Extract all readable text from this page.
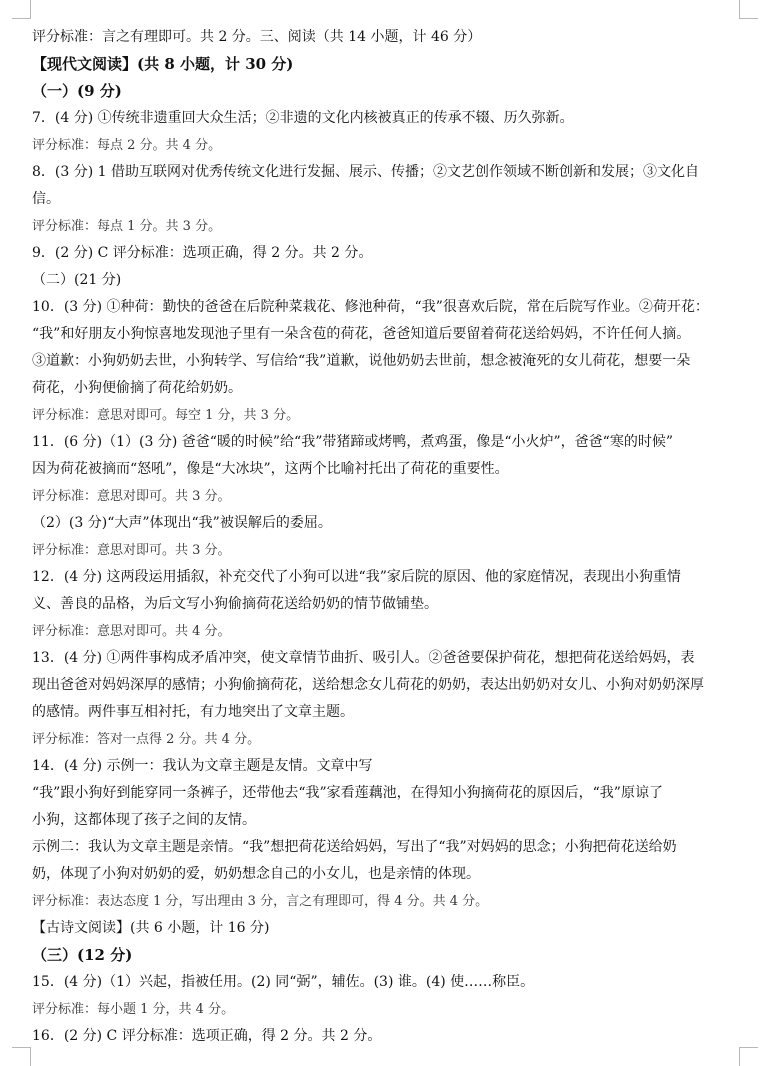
评分标准：言之有理即可。共 2 分。三、阅读（共 14 小题，计 46 分）
【现代文阅读】(共 8 小题，计 30 分)
（一）(9 分)
7．(4 分) ①传统非遗重回大众生活；②非遗的文化内核被真正的传承不辍、历久弥新。
评分标准：每点 2 分。共 4 分。
8．(3 分) 1 借助互联网对优秀传统文化进行发掘、展示、传播；②文艺创作领域不断创新和发展；③文化自
信。
评分标准：每点 1 分。共 3 分。
9．(2 分) C 评分标准：选项正确，得 2 分。共 2 分。
（二）(21 分)
10．(3 分) ①种荷：勤快的爸爸在后院种菜栽花、修池种荷，“我”很喜欢后院，常在后院写作业。②荷开花：
“我”和好朋友小狗惊喜地发现池子里有一朵含苞的荷花，爸爸知道后要留着荷花送给妈妈，不许任何人摘。
③道歉：小狗奶奶去世，小狗转学、写信给“我”道歉，说他奶奶去世前，想念被淹死的女儿荷花，想要一朵
荷花，小狗便偷摘了荷花给奶奶。
评分标准：意思对即可。每空 1 分，共 3 分。
11．(6 分)（1）(3 分) 爸爸“暖的时候”给“我”带猪蹄或烤鸭，煮鸡蛋，像是“小火炉”，爸爸“寒的时候”
因为荷花被摘而“怒吼”，像是“大冰块”，这两个比喻衬托出了荷花的重要性。
评分标准：意思对即可。共 3 分。
（2）(3 分)“大声”体现出“我”被误解后的委屈。
评分标准：意思对即可。共 3 分。
12．(4 分) 这两段运用插叙，补充交代了小狗可以进“我”家后院的原因、他的家庭情况，表现出小狗重情
义、善良的品格，为后文写小狗偷摘荷花送给奶奶的情节做铺垫。
评分标准：意思对即可。共 4 分。
13．(4 分) ①两件事构成矛盾冲突，使文章情节曲折、吸引人。②爸爸要保护荷花，想把荷花送给妈妈，表
现出爸爸对妈妈深厚的感情；小狗偷摘荷花，送给想念女儿荷花的奶奶，表达出奶奶对女儿、小狗对奶奶深厚
的感情。两件事互相衬托，有力地突出了文章主题。
评分标准：答对一点得 2 分。共 4 分。
14．(4 分) 示例一：我认为文章主题是友情。文章中写
“我”跟小狗好到能穿同一条裤子，还带他去“我”家看莲藕池，在得知小狗摘荷花的原因后，“我”原谅了
小狗，这都体现了孩子之间的友情。
示例二：我认为文章主题是亲情。“我”想把荷花送给妈妈，写出了“我”对妈妈的思念；小狗把荷花送给奶
奶，体现了小狗对奶奶的爱，奶奶想念自己的小女儿，也是亲情的体现。
评分标准：表达态度 1 分，写出理由 3 分，言之有理即可，得 4 分。共 4 分。
【古诗文阅读】(共 6 小题，计 16 分)
（三）(12 分)
15．(4 分)（1）兴起，指被任用。(2) 同“弼”，辅佐。(3) 谁。(4) 使……称臣。
评分标准：每小题 1 分，共 4 分。
16．(2 分) C 评分标准：选项正确，得 2 分。共 2 分。
